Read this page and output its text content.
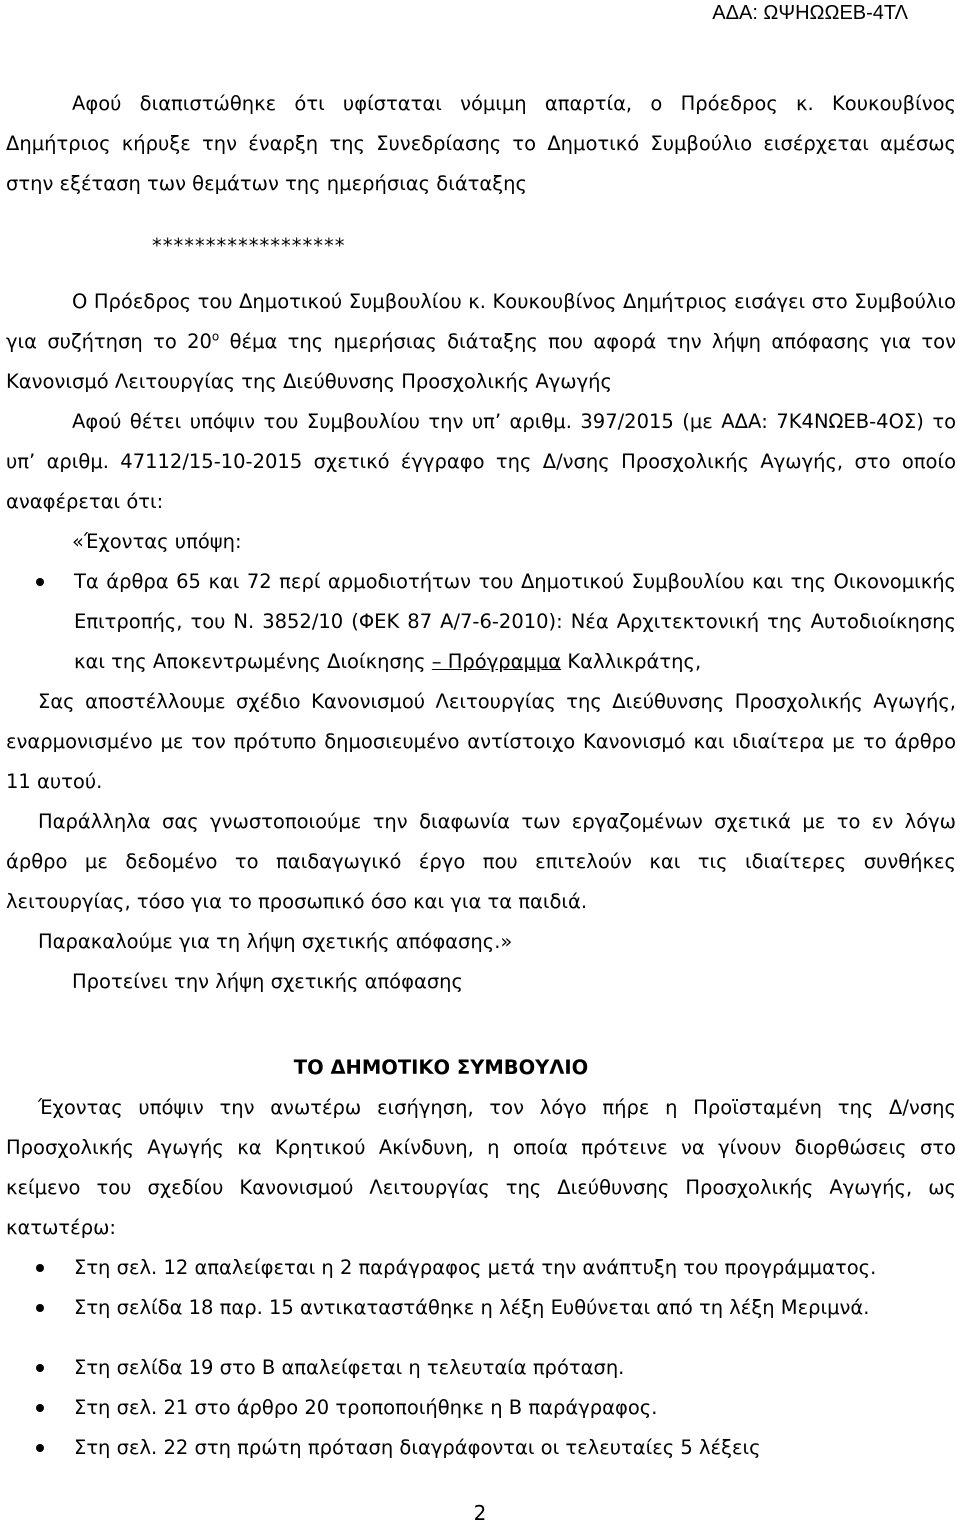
ΑΔΑ: ΩΨΗΩΩΕΒ-4ΤΛ

Αφού διαπιστώθηκε ότι υφίσταται νόμιμη απαρτία, ο Πρόεδρος κ. Κουκουβίνος Δημήτριος κήρυξε την έναρξη της Συνεδρίασης το Δημοτικό Συμβούλιο εισέρχεται αμέσως στην εξέταση των θεμάτων της ημερήσιας διάταξης

******************

Ο Πρόεδρος του Δημοτικού Συμβουλίου κ. Κουκουβίνος Δημήτριος εισάγει στο Συμβούλιο για συζήτηση το $20^o$ θέμα της ημερήσιας διάταξης που αφορά την λήψη απόφασης για τον Κανονισμό Λειτουργίας της Διεύθυνσης Προσχολικής Αγωγής

Αφού θέτει υπόψιν του Συμβουλίου την υπ’ αριθμ. 397/2015 (με ΑΔΑ: 7Κ4ΝΩΕΒ-4ΟΣ) το υπ’ αριθμ. 47112/15-10-2015 σχετικό έγγραφο της Δ/νσης Προσχολικής Αγωγής, στο οποίο αναφέρεται ότι:

«Έχοντας υπόψη:

Τα άρθρα 65 και 72 περί αρμοδιοτήτων του Δημοτικού Συμβουλίου και της Οικονομικής Επιτροπής, του Ν. 3852/10 (ΦΕΚ 87 Α/7-6-2010): Νέα Αρχιτεκτονική της Αυτοδιοίκησης και της Αποκεντρωμένης Διοίκησης – Πρόγραμμα Καλλικράτης,

Σας αποστέλλουμε σχέδιο Κανονισμού Λειτουργίας της Διεύθυνσης Προσχολικής Αγωγής, εναρμονισμένο με τον πρότυπο δημοσιευμένο αντίστοιχο Κανονισμό και ιδιαίτερα με το άρθρο 11 αυτού.

Παράλληλα σας γνωστοποιούμε την διαφωνία των εργαζομένων σχετικά με το εν λόγω άρθρο με δεδομένο το παιδαγωγικό έργο που επιτελούν και τις ιδιαίτερες συνθήκες λειτουργίας, τόσο για το προσωπικό όσο και για τα παιδιά.

Παρακαλούμε για τη λήψη σχετικής απόφασης.»

Προτείνει την λήψη σχετικής απόφασης

ΤΟ ΔΗΜΟΤΙΚΟ ΣΥΜΒΟΥΛΙΟ

Έχοντας υπόψιν την ανωτέρω εισήγηση, τον λόγο πήρε η Προϊσταμένη της Δ/νσης Προσχολικής Αγωγής κα Κρητικού Ακίνδυνη, η οποία πρότεινε να γίνουν διορθώσεις στο κείμενο του σχεδίου Κανονισμού Λειτουργίας της Διεύθυνσης Προσχολικής Αγωγής, ως κατωτέρω:

Στη σελ. 12 απαλείφεται η 2 παράγραφος μετά την ανάπτυξη του προγράμματος.
Στη σελίδα 18 παρ. 15 αντικαταστάθηκε η λέξη Ευθύνεται από τη λέξη Μεριμνά.
Στη σελίδα 19 στο Β απαλείφεται η τελευταία πρόταση.
Στη σελ. 21 στο άρθρο 20 τροποποιήθηκε η Β παράγραφος.
Στη σελ. 22 στη πρώτη πρόταση διαγράφονται οι τελευταίες 5 λέξεις
2
